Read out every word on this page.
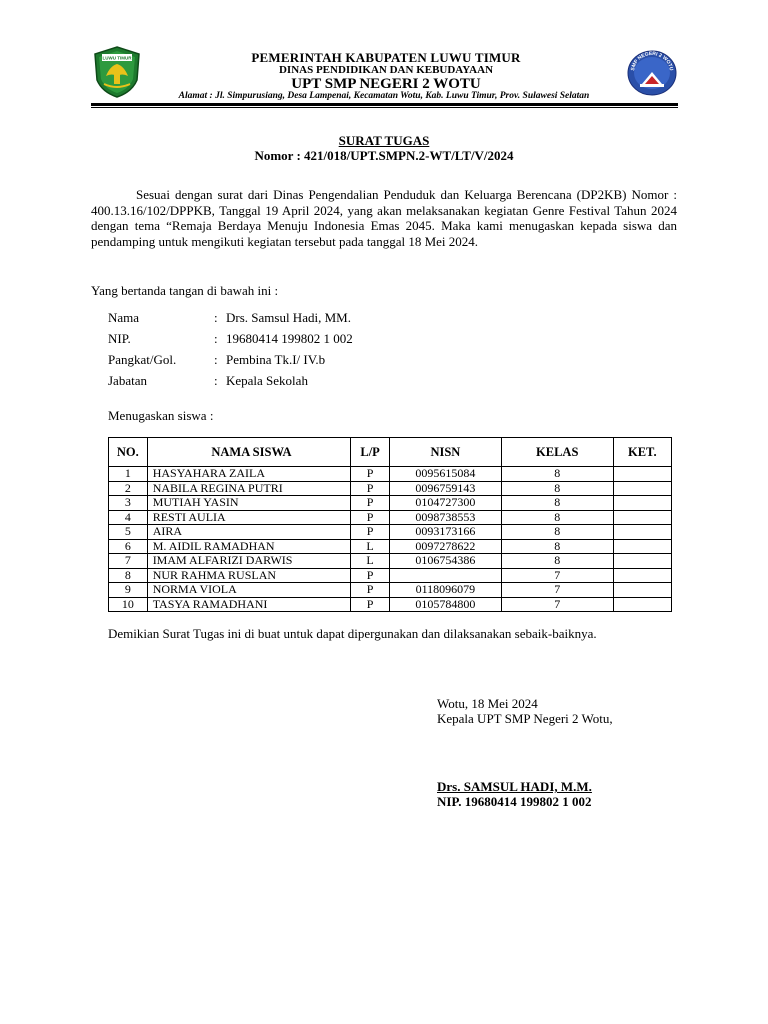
LUWU TIMUR
SMP NEGERI 2 WOTU
PEMERINTAH KABUPATEN LUWU TIMUR
DINAS PENDIDIKAN DAN KEBUDAYAAN
UPT SMP NEGERI 2 WOTU
Alamat : Jl. Simpurusiang, Desa Lampenai, Kecamatan Wotu, Kab. Luwu Timur, Prov. Sulawesi Selatan
SURAT TUGAS
Nomor : 421/018/UPT.SMPN.2-WT/LT/V/2024
Sesuai dengan surat dari Dinas Pengendalian Penduduk dan Keluarga Berencana (DP2KB) Nomor : 400.13.16/102/DPPKB, Tanggal 19 April 2024, yang akan melaksanakan kegiatan Genre Festival Tahun 2024 dengan tema “Remaja Berdaya Menuju Indonesia Emas 2045. Maka kami menugaskan kepada siswa dan pendamping untuk mengikuti kegiatan tersebut pada tanggal 18 Mei 2024.
Yang bertanda tangan di bawah ini :
Nama	: Drs. Samsul Hadi, MM.
NIP.	: 19680414 199802 1 002
Pangkat/Gol.	: Pembina Tk.I/ IV.b
Jabatan	: Kepala Sekolah
Menugaskan siswa :
NO.	NAMA SISWA	L/P	NISN	KELAS	KET.
1	HASYAHARA ZAILA	P	0095615084	8	
2	NABILA REGINA PUTRI	P	0096759143	8	
3	MUTIAH YASIN	P	0104727300	8	
4	RESTI AULIA	P	0098738553	8	
5	AIRA	P	0093173166	8	
6	M. AIDIL RAMADHAN	L	0097278622	8	
7	IMAM ALFARIZI DARWIS	L	0106754386	8	
8	NUR RAHMA RUSLAN	P		7	
9	NORMA VIOLA	P	0118096079	7	
10	TASYA RAMADHANI	P	0105784800	7	
Demikian Surat Tugas ini di buat untuk dapat dipergunakan dan dilaksanakan sebaik-baiknya.
Wotu, 18 Mei 2024
Kepala UPT SMP Negeri 2 Wotu,
Drs. SAMSUL HADI, M.M.
NIP. 19680414 199802 1 002
